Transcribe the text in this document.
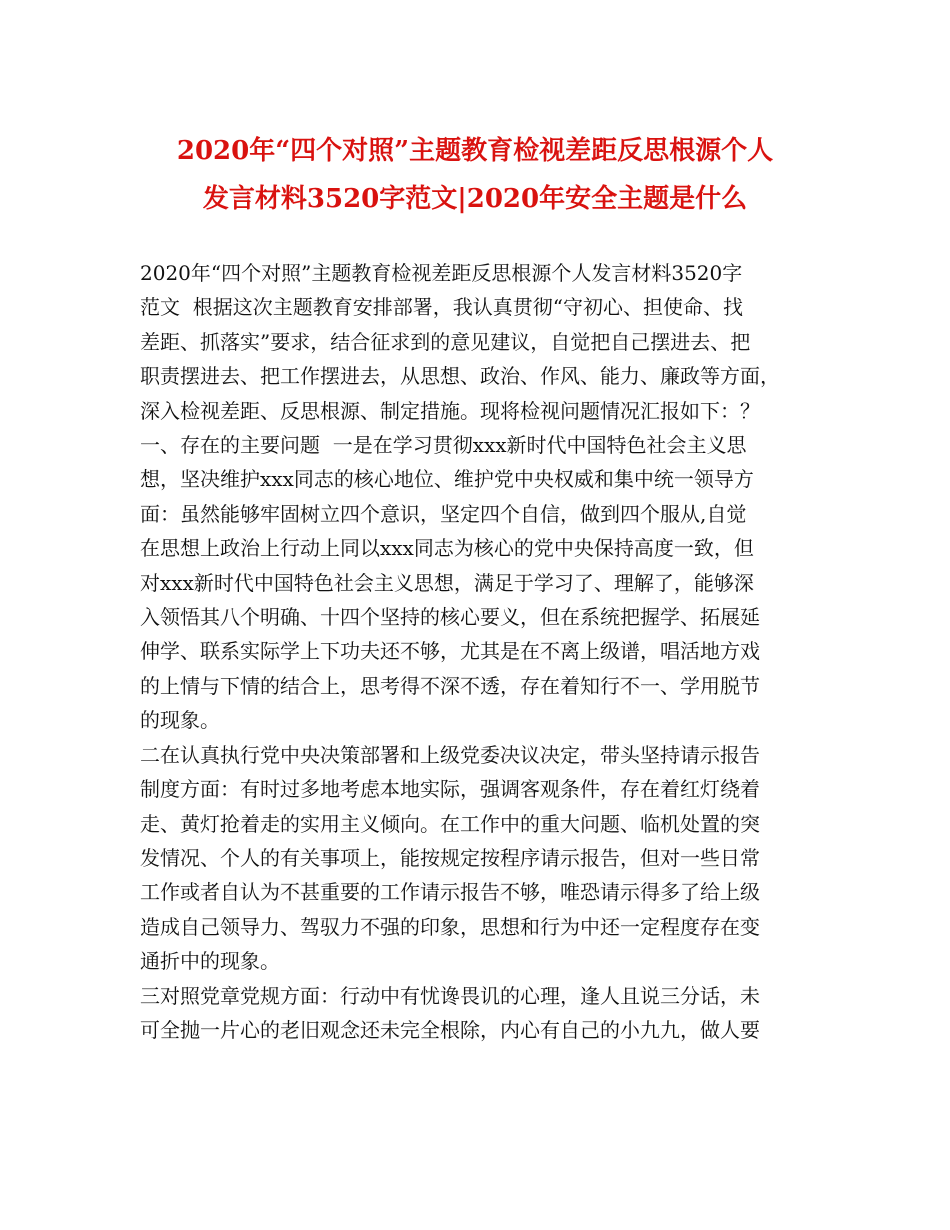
2020年“四个对照”主题教育检视差距反思根源个人
发言材料3520字范文|2020年安全主题是什么

2020年“四个对照”主题教育检视差距反思根源个人发言材料3520字

范文  根据这次主题教育安排部署，我认真贯彻“守初心、担使命、找

差距、抓落实”要求，结合征求到的意见建议，自觉把自己摆进去、把

职责摆进去、把工作摆进去，从思想、政治、作风、能力、廉政等方面，

深入检视差距、反思根源、制定措施。现将检视问题情况汇报如下：？

一、存在的主要问题  一是在学习贯彻xxx新时代中国特色社会主义思

想，坚决维护xxx同志的核心地位、维护党中央权威和集中统一领导方

面：虽然能够牢固树立四个意识，坚定四个自信，做到四个服从,自觉

在思想上政治上行动上同以xxx同志为核心的党中央保持高度一致，但

对xxx新时代中国特色社会主义思想，满足于学习了、理解了，能够深

入领悟其八个明确、十四个坚持的核心要义，但在系统把握学、拓展延

伸学、联系实际学上下功夫还不够，尤其是在不离上级谱，唱活地方戏

的上情与下情的结合上，思考得不深不透，存在着知行不一、学用脱节

的现象。

二在认真执行党中央决策部署和上级党委决议决定，带头坚持请示报告

制度方面：有时过多地考虑本地实际，强调客观条件，存在着红灯绕着

走、黄灯抢着走的实用主义倾向。在工作中的重大问题、临机处置的突

发情况、个人的有关事项上，能按规定按程序请示报告，但对一些日常

工作或者自认为不甚重要的工作请示报告不够，唯恐请示得多了给上级

造成自己领导力、驾驭力不强的印象，思想和行为中还一定程度存在变

通折中的现象。

三对照党章党规方面：行动中有忧谗畏讥的心理，逢人且说三分话，未

可全抛一片心的老旧观念还未完全根除，内心有自己的小九九，做人要
